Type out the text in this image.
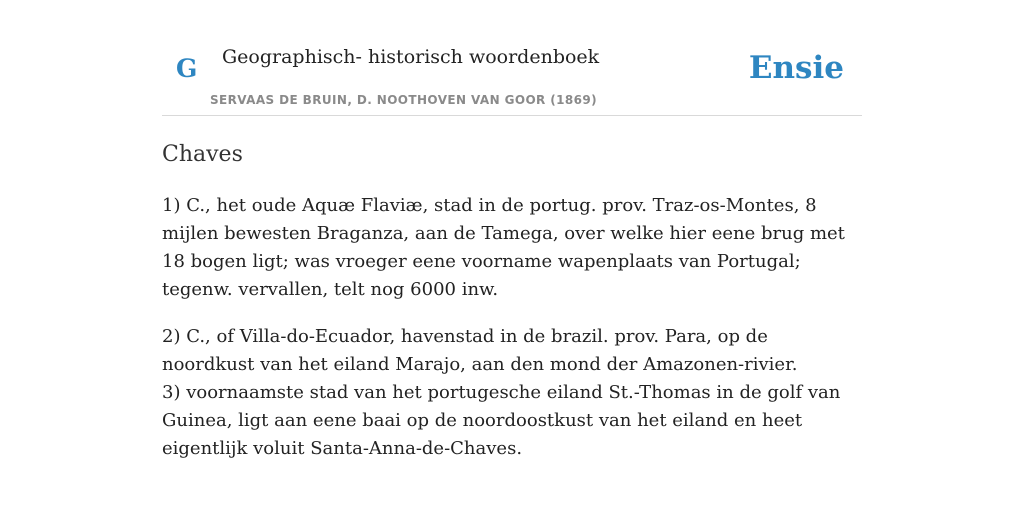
G Geographisch- historisch woordenboek
SERVAAS DE BRUIN, D. NOOTHOVEN VAN GOOR (1869)
Ensie
Chaves

1) C., het oude Aquæ Flaviæ, stad in de portug. prov. Traz-os-Montes, 8 mijlen bewesten Braganza, aan de Tamega, over welke hier eene brug met 18 bogen ligt; was vroeger eene voorname wapenplaats van Portugal; tegenw. vervallen, telt nog 6000 inw.

2) C., of Villa-do-Ecuador, havenstad in de brazil. prov. Para, op de noordkust van het eiland Marajo, aan den mond der Amazonen-rivier.

3) voornaamste stad van het portugesche eiland St.-Thomas in de golf van Guinea, ligt aan eene baai op de noordoostkust van het eiland en heet eigentlijk voluit Santa-Anna-de-Chaves.
